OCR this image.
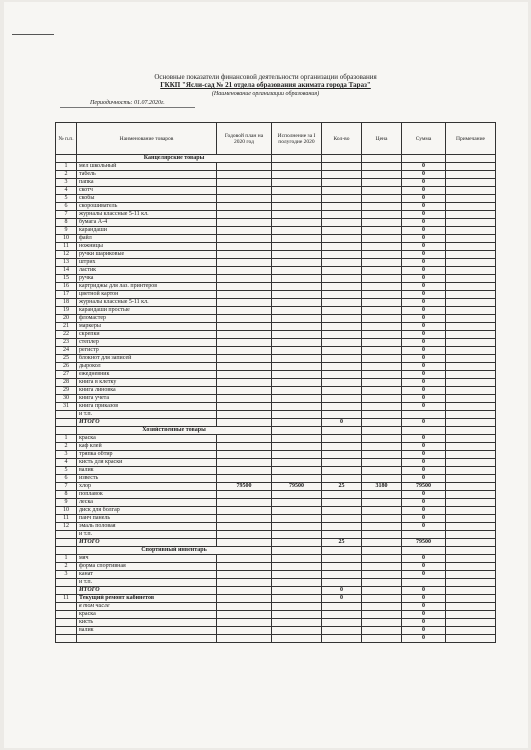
Основные показатели финансовой деятельности организации образования
ГККП "Ясли-сад № 21 отдела образования акимата города Тараз"
(Наименование организации образования)
Периодичность: 01.07.2020г.
№ п.п.	Наименование товаров	Годовой план на 2020 год	Исполнение за I полугодие 2020	Кол-во	Цена	Сумма	Примечание
	Канцелярские товары						
1	мел школьный					0	
2	табель					0	
3	папка					0	
4	скотч					0	
5	скобы					0	
6	скорошиватель					0	
7	журналы классные 5-11 кл.					0	
8	бумага А-4					0	
9	карандаши					0	
10	файл					0	
11	ножницы					0	
12	ручки шариковые					0	
13	штрих					0	
14	ластик					0	
15	ручка					0	
16	картриджы для лаз. принтеров					0	
17	цветной картон					0	
18	журналы классные 5-11 кл.					0	
19	карандаши простые					0	
20	фломастер					0	
21	маркеры					0	
22	скрепки					0	
23	степлер					0	
24	регистр					0	
25	блокнот для записей					0	
26	дырокол					0	
27	ежедневник					0	
28	книга в клетку					0	
29	книга линовка					0	
30	книга учета					0	
31	книга приказов					0	
	и т.п.						
	ИТОГО			0		0	
	Хозяйственные товары						
1	краска					0	
2	каф клей					0	
3	тряпка обтир					0	
4	кисть для краски					0	
5	валик					0	
6	известь					0	
7	хлор	79500	79500	25	3180	79500	
8	поплавок					0	
9	леска					0	
10	диск для болгар					0	
11	панч панель					0	
12	эмаль половая					0	
	и т.п.						
	ИТОГО			25		79500	
	Спортивный инвентарь						
1	мяч					0	
2	форма спортивная					0	
3	канат					0	
	и т.п.						
	ИТОГО			0		0	
11	Текущий ремонт кабинетов			0		0	
	в том числе					0	
	краска					0	
	кисть					0	
	валик					0	
						0	
